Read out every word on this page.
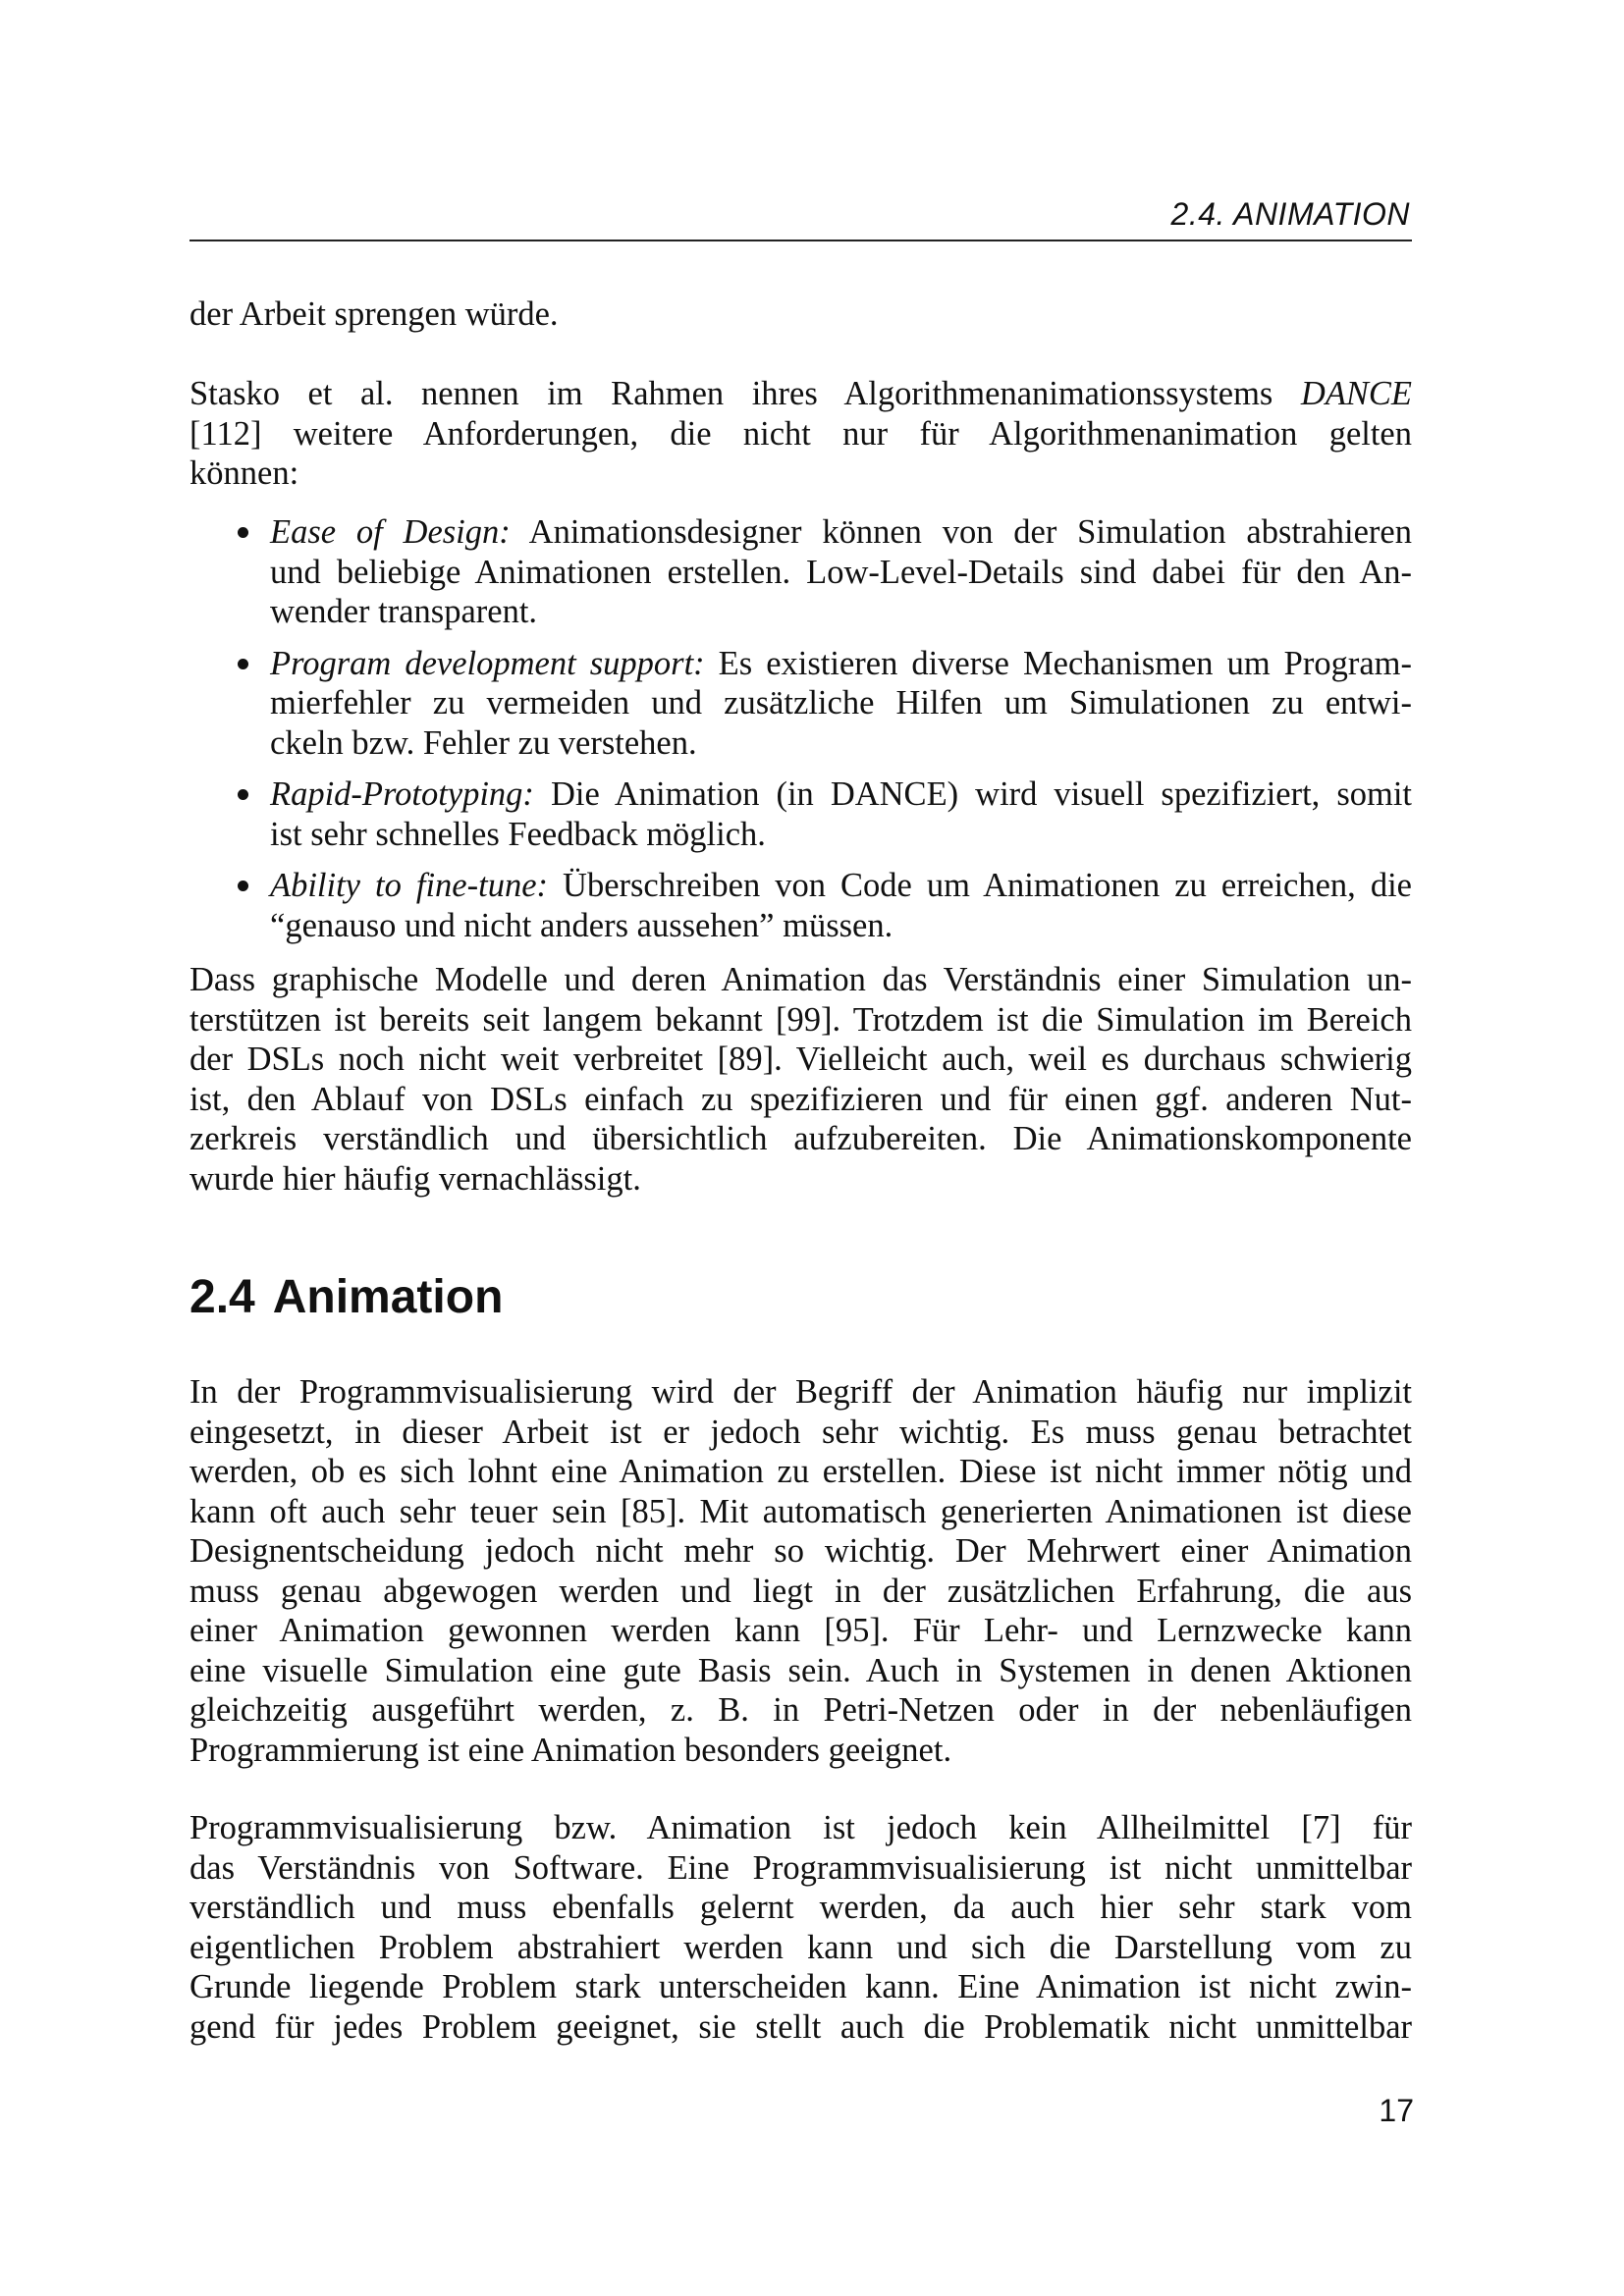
2.4. ANIMATION
der Arbeit sprengen würde.
Stasko et al. nennen im Rahmen ihres Algorithmenanimationssystems DANCE
[112] weitere Anforderungen, die nicht nur für Algorithmenanimation gelten
können:
Ease of Design: Animationsdesigner können von der Simulation abstrahieren
und beliebige Animationen erstellen. Low-Level-Details sind dabei für den An-
wender transparent.
Program development support: Es existieren diverse Mechanismen um Program-
mierfehler zu vermeiden und zusätzliche Hilfen um Simulationen zu entwi-
ckeln bzw. Fehler zu verstehen.
Rapid-Prototyping: Die Animation (in DANCE) wird visuell spezifiziert, somit
ist sehr schnelles Feedback möglich.
Ability to fine-tune: Überschreiben von Code um Animationen zu erreichen, die
“genauso und nicht anders aussehen” müssen.
Dass graphische Modelle und deren Animation das Verständnis einer Simulation un-
terstützen ist bereits seit langem bekannt [99]. Trotzdem ist die Simulation im Bereich
der DSLs noch nicht weit verbreitet [89]. Vielleicht auch, weil es durchaus schwierig
ist, den Ablauf von DSLs einfach zu spezifizieren und für einen ggf. anderen Nut-
zerkreis verständlich und übersichtlich aufzubereiten. Die Animationskomponente
wurde hier häufig vernachlässigt.
2.4 Animation
In der Programmvisualisierung wird der Begriff der Animation häufig nur implizit
eingesetzt, in dieser Arbeit ist er jedoch sehr wichtig. Es muss genau betrachtet
werden, ob es sich lohnt eine Animation zu erstellen. Diese ist nicht immer nötig und
kann oft auch sehr teuer sein [85]. Mit automatisch generierten Animationen ist diese
Designentscheidung jedoch nicht mehr so wichtig. Der Mehrwert einer Animation
muss genau abgewogen werden und liegt in der zusätzlichen Erfahrung, die aus
einer Animation gewonnen werden kann [95]. Für Lehr- und Lernzwecke kann
eine visuelle Simulation eine gute Basis sein. Auch in Systemen in denen Aktionen
gleichzeitig ausgeführt werden, z. B. in Petri-Netzen oder in der nebenläufigen
Programmierung ist eine Animation besonders geeignet.
Programmvisualisierung bzw. Animation ist jedoch kein Allheilmittel [7] für
das Verständnis von Software. Eine Programmvisualisierung ist nicht unmittelbar
verständlich und muss ebenfalls gelernt werden, da auch hier sehr stark vom
eigentlichen Problem abstrahiert werden kann und sich die Darstellung vom zu
Grunde liegende Problem stark unterscheiden kann. Eine Animation ist nicht zwin-
gend für jedes Problem geeignet, sie stellt auch die Problematik nicht unmittelbar
17
